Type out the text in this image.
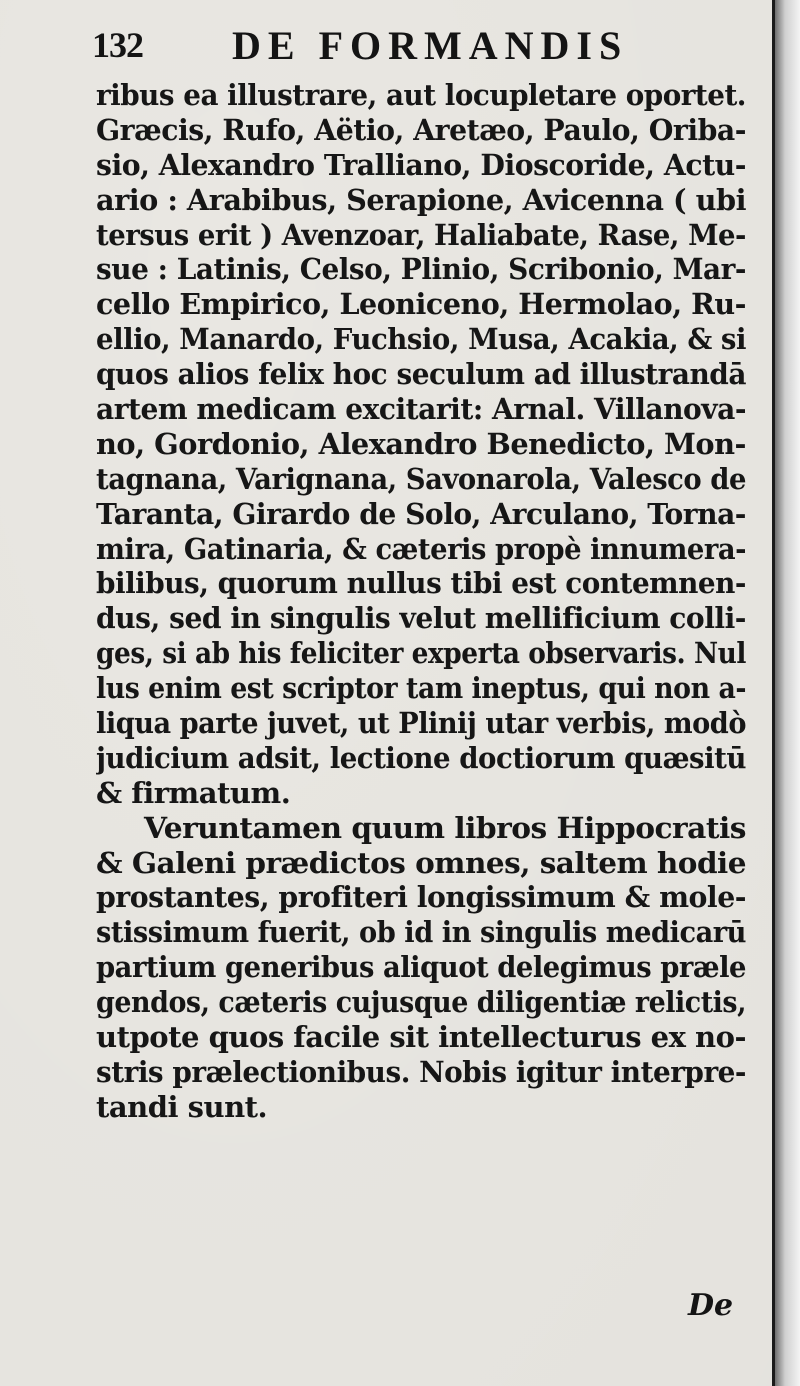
132 DE FORMANDIS
ribus ea illustrare, aut locupletare oportet.
Græcis, Rufo, Aëtio, Aretæo, Paulo, Oriba-
sio, Alexandro Tralliano, Dioscoride, Actu-
ario : Arabibus, Serapione, Avicenna ( ubi
tersus erit ) Avenzoar, Haliabate, Rase, Me-
sue : Latinis, Celso, Plinio, Scribonio, Mar-
cello Empirico, Leoniceno, Hermolao, Ru-
ellio, Manardo, Fuchsio, Musa, Acakia, & si
quos alios felix hoc seculum ad illustrandā
artem medicam excitarit: Arnal. Villanova-
no, Gordonio, Alexandro Benedicto, Mon-
tagnana, Varignana, Savonarola, Valesco de
Taranta, Girardo de Solo, Arculano, Torna-
mira, Gatinaria, & cæteris propè innumera-
bilibus, quorum nullus tibi est contemnen-
dus, sed in singulis velut mellificium colli-
ges, si ab his feliciter experta observaris. Nul
lus enim est scriptor tam ineptus, qui non a-
liqua parte juvet, ut Plinij utar verbis, modò
judicium adsit, lectione doctiorum quæsitū
& firmatum.
Veruntamen quum libros Hippocratis
& Galeni prædictos omnes, saltem hodie
prostantes, profiteri longissimum & mole-
stissimum fuerit, ob id in singulis medicarū
partium generibus aliquot delegimus præle
gendos, cæteris cujusque diligentiæ relictis,
utpote quos facile sit intellecturus ex no-
stris prælectionibus. Nobis igitur interpre-
tandi sunt.
De
